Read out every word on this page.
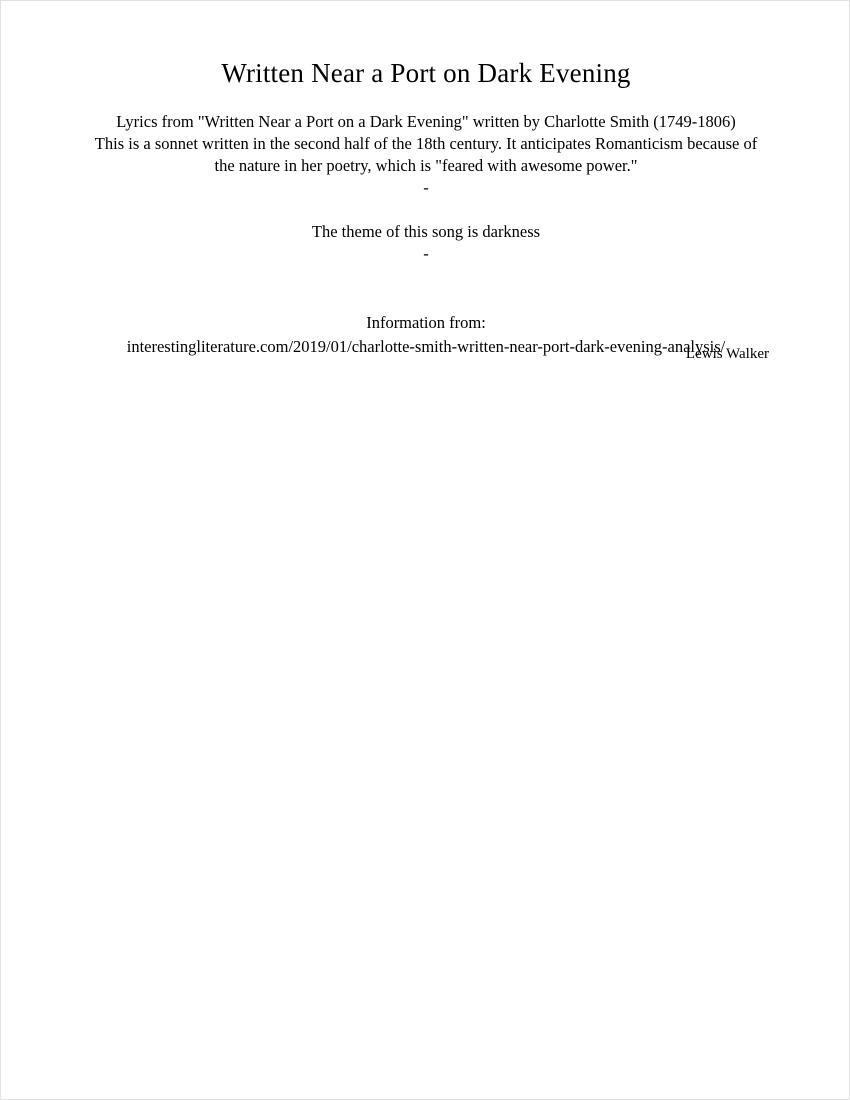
Written Near a Port on Dark Evening

Lyrics from "Written Near a Port on a Dark Evening" written by Charlotte Smith (1749-1806)

This is a sonnet written in the second half of the 18th century. It anticipates Romanticism because of

the nature in her poetry, which is "feared with awesome power."

-

The theme of this song is darkness

-

Information from:

interestingliterature.com/2019/01/charlotte-smith-written-near-port-dark-evening-analysis/

Lewis Walker
